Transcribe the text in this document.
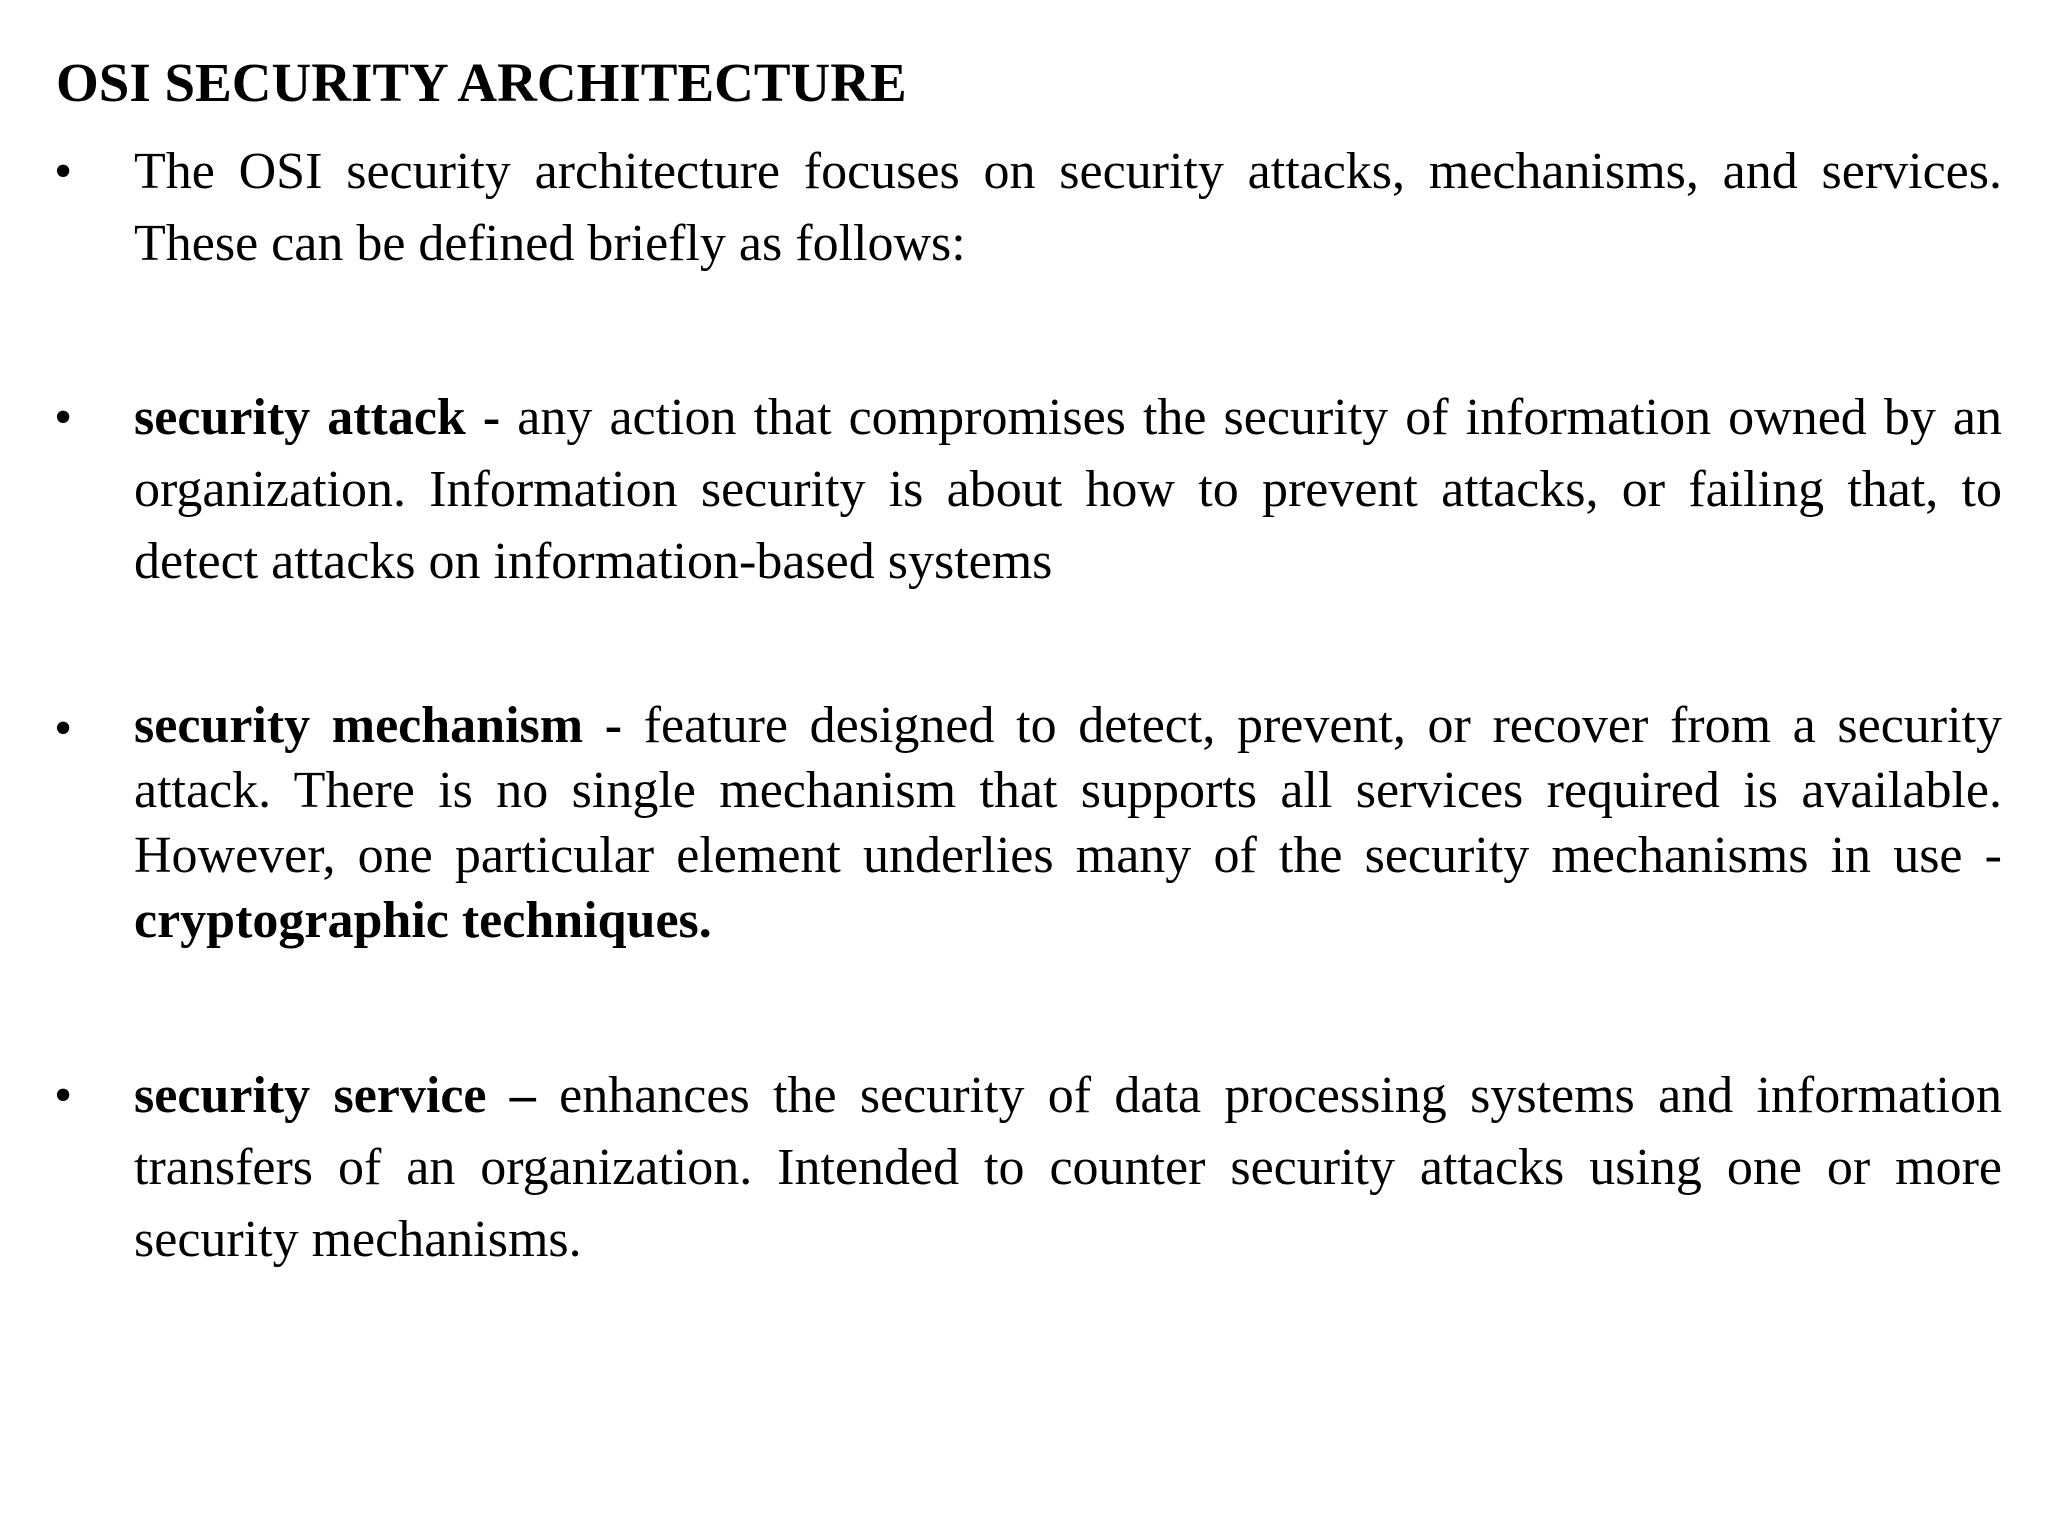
OSI SECURITY ARCHITECTURE
• The OSI security architecture focuses on security attacks, mechanisms, and services. These can be defined briefly as follows:
• security attack - any action that compromises the security of information owned by an organization. Information security is about how to prevent attacks, or failing that, to detect attacks on information-based systems
• security mechanism - feature designed to detect, prevent, or recover from a security attack. There is no single mechanism that supports all services required is available. However, one particular element underlies many of the security mechanisms in use - cryptographic techniques.
• security service – enhances the security of data processing systems and information transfers of an organization. Intended to counter security attacks using one or more security mechanisms.
